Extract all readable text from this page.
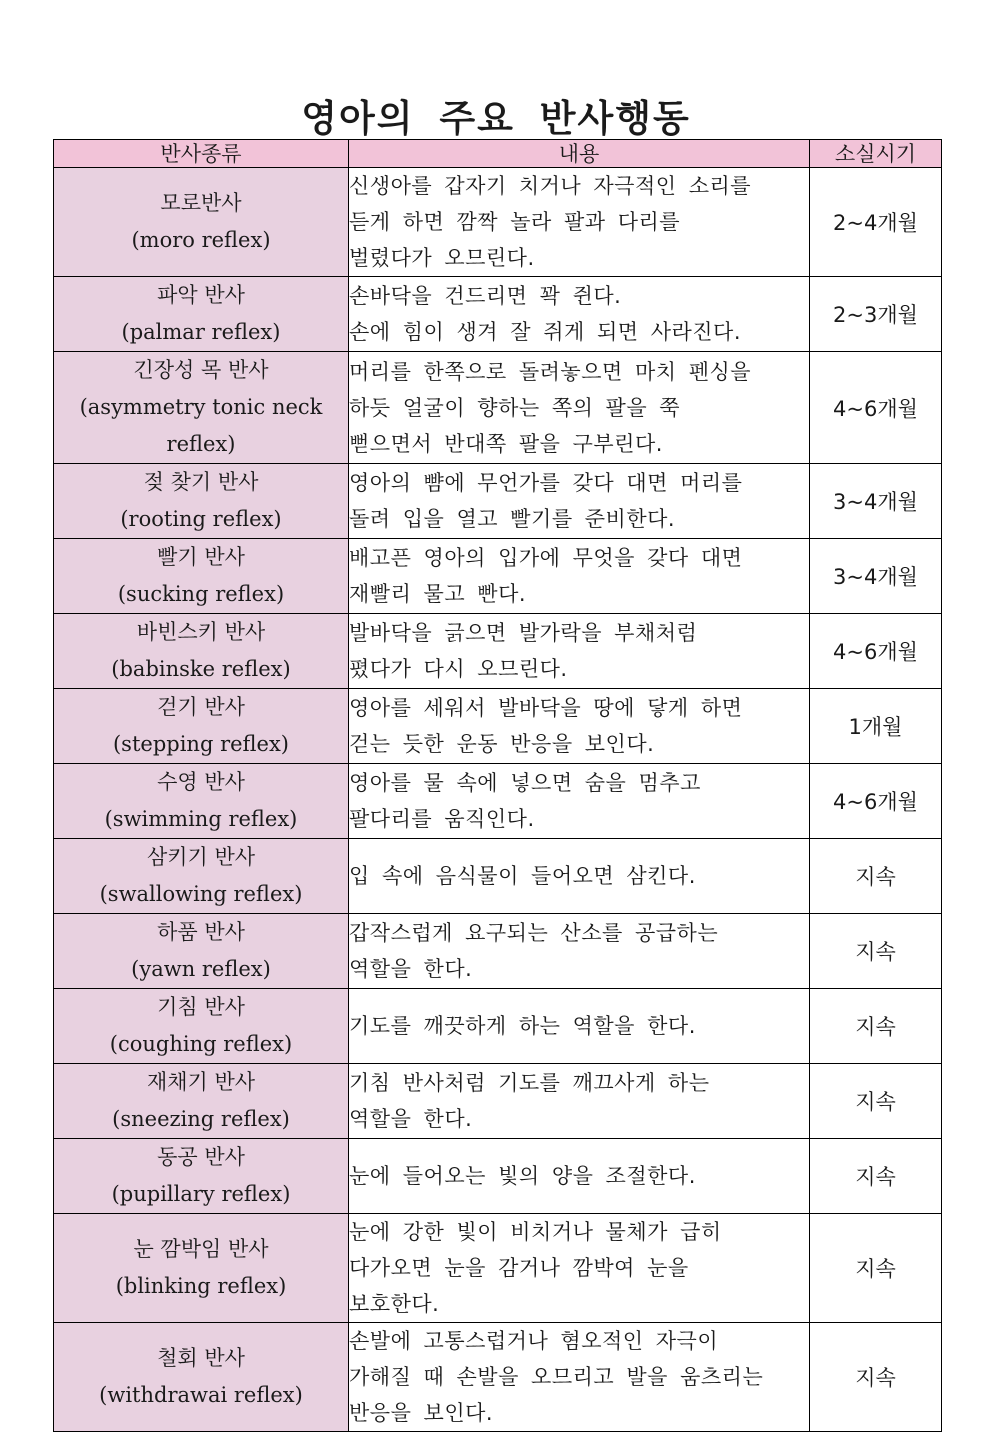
영아의 주요 반사행동
반사종류	내용	소실시기

모로반사
(moro reflex)	신생아를 갑자기 치거나 자극적인 소리를
듣게 하면 깜짝 놀라 팔과 다리를
벌렸다가 오므린다.	2~4개월

파악 반사
(palmar reflex)	손바닥을 건드리면 꽉 쥔다.
손에 힘이 생겨 잘 쥐게 되면 사라진다.	2~3개월

긴장성 목 반사
(asymmetry tonic neck
reflex)	머리를 한쪽으로 돌려놓으면 마치 펜싱을
하듯 얼굴이 향하는 쪽의 팔을 쭉
뻗으면서 반대쪽 팔을 구부린다.	4~6개월

젖 찾기 반사
(rooting reflex)	영아의 뺨에 무언가를 갖다 대면 머리를
돌려 입을 열고 빨기를 준비한다.	3~4개월

빨기 반사
(sucking reflex)	배고픈 영아의 입가에 무엇을 갖다 대면
재빨리 물고 빤다.	3~4개월

바빈스키 반사
(babinske reflex)	발바닥을 긁으면 발가락을 부채처럼
폈다가 다시 오므린다.	4~6개월

걷기 반사
(stepping reflex)	영아를 세워서 발바닥을 땅에 닿게 하면
걷는 듯한 운동 반응을 보인다.	1개월

수영 반사
(swimming reflex)	영아를 물 속에 넣으면 숨을 멈추고
팔다리를 움직인다.	4~6개월

삼키기 반사
(swallowing reflex)	입 속에 음식물이 들어오면 삼킨다.	지속

하품 반사
(yawn reflex)	갑작스럽게 요구되는 산소를 공급하는
역할을 한다.	지속

기침 반사
(coughing reflex)	기도를 깨끗하게 하는 역할을 한다.	지속

재채기 반사
(sneezing reflex)	기침 반사처럼 기도를 깨끄사게 하는
역할을 한다.	지속

동공 반사
(pupillary reflex)	눈에 들어오는 빛의 양을 조절한다.	지속

눈 깜박임 반사
(blinking reflex)	눈에 강한 빛이 비치거나 물체가 급히
다가오면 눈을 감거나 깜박여 눈을
보호한다.	지속

철회 반사
(withdrawai reflex)	손발에 고통스럽거나 혐오적인 자극이
가해질 때 손발을 오므리고 발을 움츠리는
반응을 보인다.	지속
